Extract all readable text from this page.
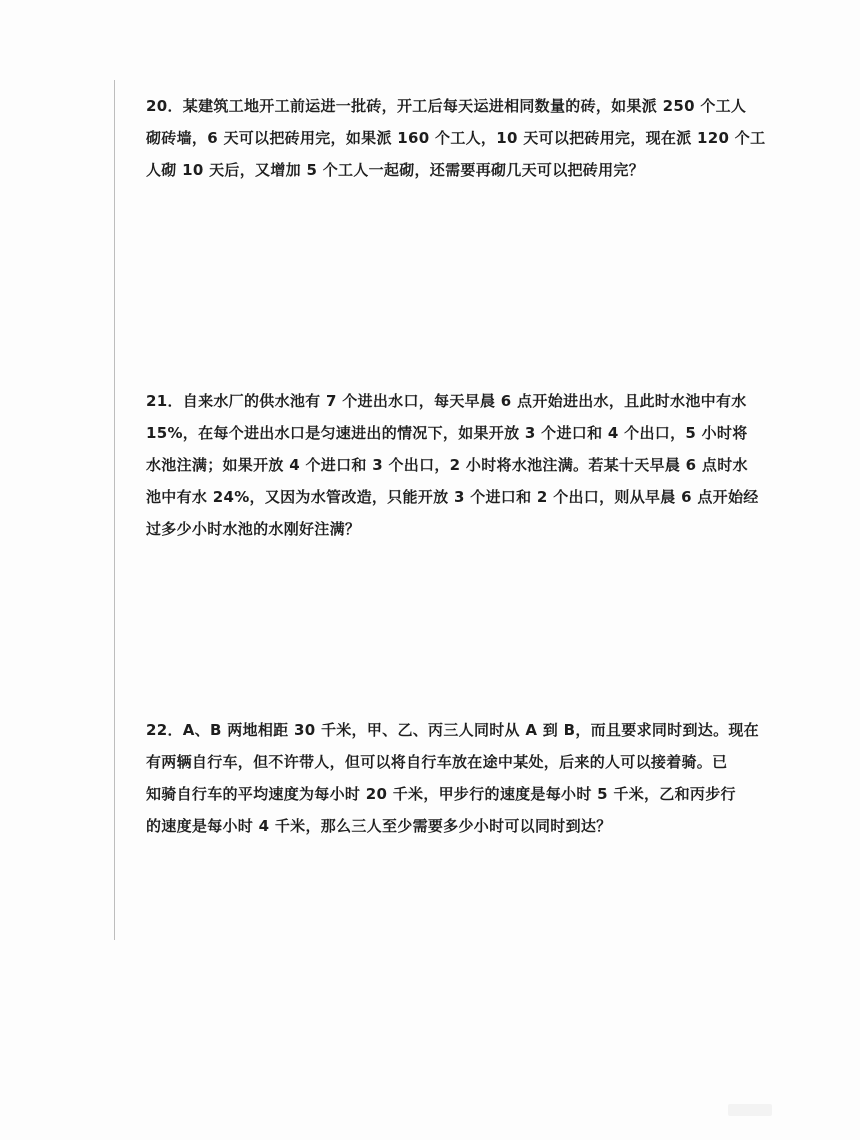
20．某建筑工地开工前运进一批砖，开工后每天运进相同数量的砖，如果派 250 个工人
砌砖墙，6 天可以把砖用完，如果派 160 个工人，10 天可以把砖用完，现在派 120 个工
人砌 10 天后，又增加 5 个工人一起砌，还需要再砌几天可以把砖用完？
21．自来水厂的供水池有 7 个进出水口，每天早晨 6 点开始进出水，且此时水池中有水
15%，在每个进出水口是匀速进出的情况下，如果开放 3 个进口和 4 个出口，5 小时将
水池注满；如果开放 4 个进口和 3 个出口，2 小时将水池注满。若某十天早晨 6 点时水
池中有水 24%，又因为水管改造，只能开放 3 个进口和 2 个出口，则从早晨 6 点开始经
过多少小时水池的水刚好注满？
22．A、B 两地相距 30 千米，甲、乙、丙三人同时从 A 到 B，而且要求同时到达。现在
有两辆自行车，但不许带人，但可以将自行车放在途中某处，后来的人可以接着骑。已
知骑自行车的平均速度为每小时 20 千米，甲步行的速度是每小时 5 千米，乙和丙步行
的速度是每小时 4 千米，那么三人至少需要多少小时可以同时到达？
